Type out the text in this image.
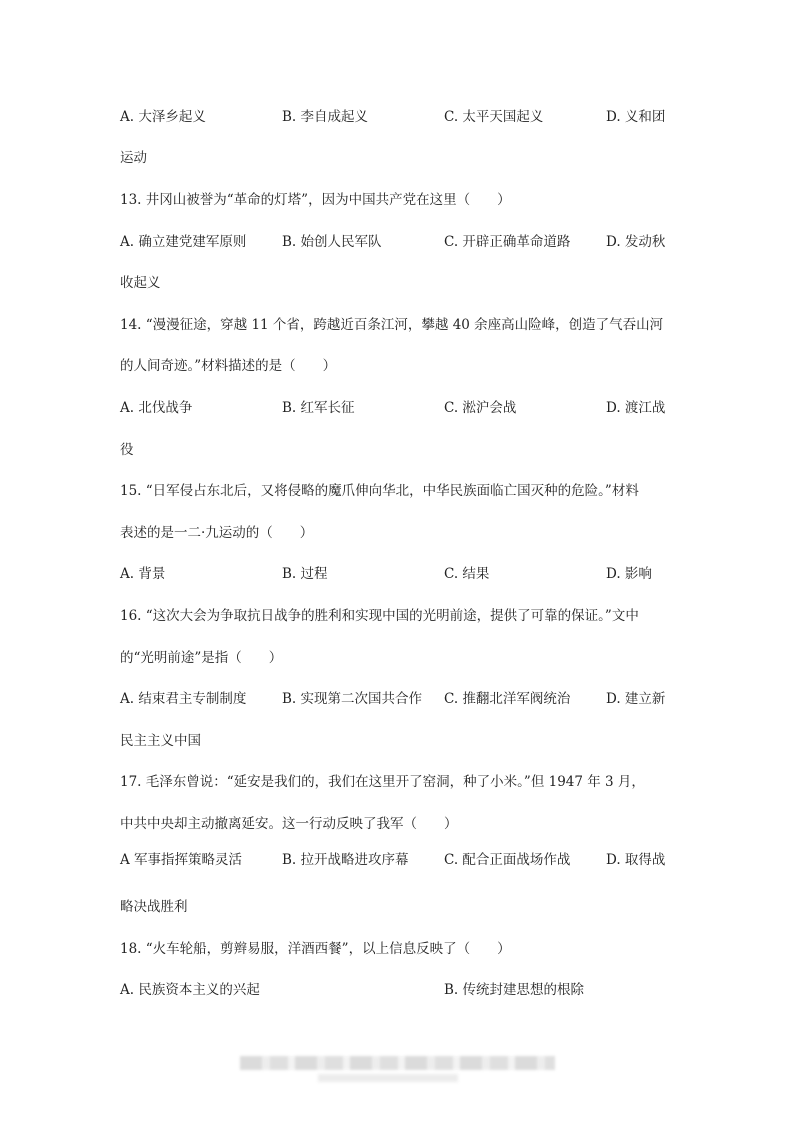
A. 大泽乡起义	B. 李自成起义	C. 太平天国起义	D. 义和团
运动
13. 井冈山被誉为“革命的灯塔”，因为中国共产党在这里（　　）
A. 确立建党建军原则	B. 始创人民军队	C. 开辟正确革命道路	D. 发动秋
收起义
14. “漫漫征途，穿越 11 个省，跨越近百条江河，攀越 40 余座高山险峰，创造了气吞山河
的人间奇迹。”材料描述的是（　　）
A. 北伐战争	B. 红军长征	C. 淞沪会战	D. 渡江战
役
15. “日军侵占东北后，又将侵略的魔爪伸向华北，中华民族面临亡国灭种的危险。”材料
表述的是一二·九运动的（　　）
A. 背景	B. 过程	C. 结果	D. 影响
16. “这次大会为争取抗日战争的胜利和实现中国的光明前途，提供了可靠的保证。”文中
的“光明前途”是指（　　）
A. 结束君主专制制度	B. 实现第二次国共合作 C. 推翻北洋军阀统治	D. 建立新
民主主义中国
17. 毛泽东曾说：“延安是我们的，我们在这里开了窑洞，种了小米。”但 1947 年 3 月，
中共中央却主动撤离延安。这一行动反映了我军（　　）
A 军事指挥策略灵活	B. 拉开战略进攻序幕	C. 配合正面战场作战	D. 取得战
略决战胜利
18. “火车轮船，剪辫易服，洋酒西餐”，以上信息反映了（　　）
A. 民族资本主义的兴起	B. 传统封建思想的根除
